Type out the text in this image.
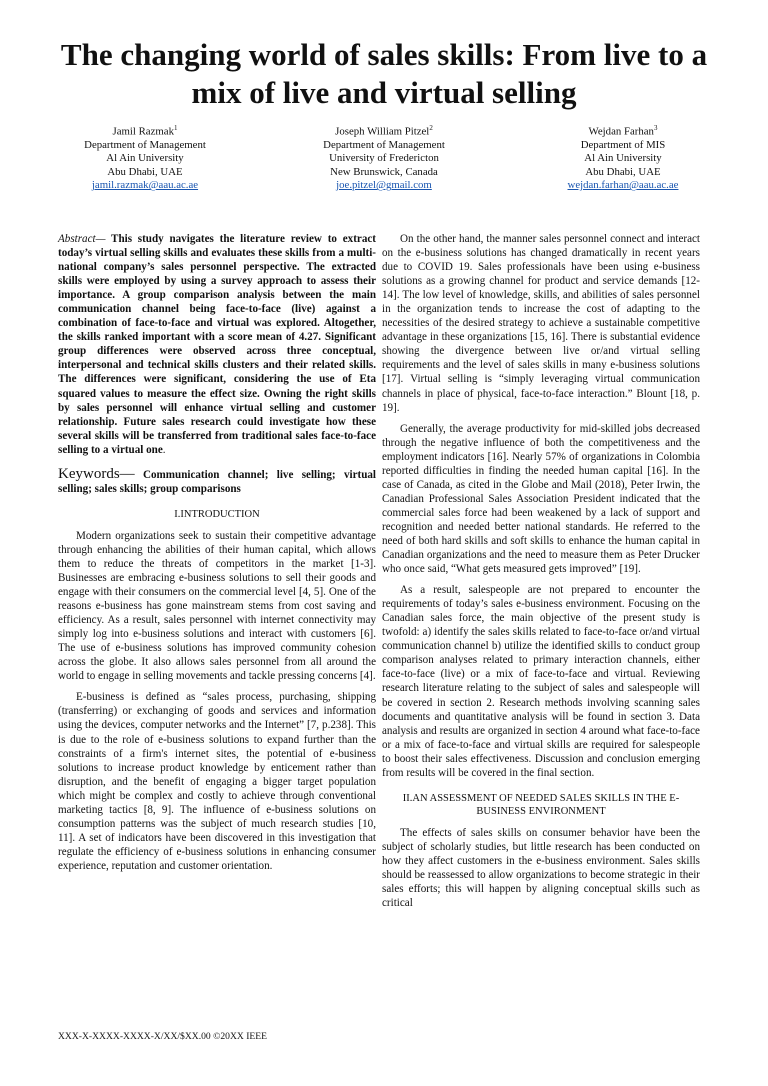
The changing world of sales skills: From live to a mix of live and virtual selling
Jamil Razmak$^1$
Department of Management
Al Ain University
Abu Dhabi, UAE
jamil.razmak@aau.ac.ae
Joseph William Pitzel$^2$
Department of Management
University of Fredericton
New Brunswick, Canada
joe.pitzel@gmail.com
Wejdan Farhan$^3$
Department of MIS
Al Ain University
Abu Dhabi, UAE
wejdan.farhan@aau.ac.ae

Abstract— This study navigates the literature review to extract today’s virtual selling skills and evaluates these skills from a multi-national company’s sales personnel perspective. The extracted skills were employed by using a survey approach to assess their importance. A group comparison analysis between the main communication channel being face-to-face (live) against a combination of face-to-face and virtual was explored. Altogether, the skills ranked important with a score mean of 4.27. Significant group differences were observed across three conceptual, interpersonal and technical skills clusters and their related skills. The differences were significant, considering the use of Eta squared values to measure the effect size. Owning the right skills by sales personnel will enhance virtual selling and customer relationship. Future sales research could investigate how these several skills will be transferred from traditional sales face-to-face selling to a virtual one.

Keywords— Communication channel; live selling; virtual selling; sales skills; group comparisons
I.INTRODUCTION

Modern organizations seek to sustain their competitive advantage through enhancing the abilities of their human capital, which allows them to reduce the threats of competitors in the market [1-3]. Businesses are embracing e-business solutions to sell their goods and engage with their consumers on the commercial level [4, 5]. One of the reasons e-business has gone mainstream stems from cost saving and efficiency. As a result, sales personnel with internet connectivity may simply log into e-business solutions and interact with customers [6]. The use of e-business solutions has improved community cohesion across the globe. It also allows sales personnel from all around the world to engage in selling movements and tackle pressing concerns [4].

E-business is defined as “sales process, purchasing, shipping (transferring) or exchanging of goods and services and information using the devices, computer networks and the Internet” [7, p.238]. This is due to the role of e-business solutions to expand further than the constraints of a firm's internet sites, the potential of e-business solutions to increase product knowledge by enticement rather than disruption, and the benefit of engaging a bigger target population which might be complex and costly to achieve through conventional marketing tactics [8, 9]. The influence of e-business solutions on consumption patterns was the subject of much research studies [10, 11]. A set of indicators have been discovered in this investigation that regulate the efficiency of e-business solutions in enhancing consumer experience, reputation and customer orientation.

On the other hand, the manner sales personnel connect and interact on the e-business solutions has changed dramatically in recent years due to COVID 19. Sales professionals have been using e-business solutions as a growing channel for product and service demands [12-14]. The low level of knowledge, skills, and abilities of sales personnel in the organization tends to increase the cost of adapting to the necessities of the desired strategy to achieve a sustainable competitive advantage in these organizations [15, 16]. There is substantial evidence showing the divergence between live or/and virtual selling requirements and the level of sales skills in many e-business solutions [17]. Virtual selling is “simply leveraging virtual communication channels in place of physical, face-to-face interaction.” Blount [18, p. 19].

Generally, the average productivity for mid-skilled jobs decreased through the negative influence of both the competitiveness and the employment indicators [16]. Nearly 57% of organizations in Colombia reported difficulties in finding the needed human capital [16]. In the case of Canada, as cited in the Globe and Mail (2018), Peter Irwin, the Canadian Professional Sales Association President indicated that the commercial sales force had been weakened by a lack of support and recognition and needed better national standards. He referred to the need of both hard skills and soft skills to enhance the human capital in Canadian organizations and the need to measure them as Peter Drucker who once said, “What gets measured gets improved” [19].

As a result, salespeople are not prepared to encounter the requirements of today’s sales e-business environment. Focusing on the Canadian sales force, the main objective of the present study is twofold: a) identify the sales skills related to face-to-face or/and virtual communication channel b) utilize the identified skills to conduct group comparison analyses related to primary interaction channels, either face-to-face (live) or a mix of face-to-face and virtual. Reviewing research literature relating to the subject of sales and salespeople will be covered in section 2. Research methods involving scanning sales documents and quantitative analysis will be found in section 3. Data analysis and results are organized in section 4 around what face-to-face or a mix of face-to-face and virtual skills are required for salespeople to boost their sales effectiveness. Discussion and conclusion emerging from results will be covered in the final section.

II.AN ASSESSMENT OF NEEDED SALES SKILLS IN THE E-BUSINESS ENVIRONMENT

The effects of sales skills on consumer behavior have been the subject of scholarly studies, but little research has been conducted on how they affect customers in the e-business environment. Sales skills should be reassessed to allow organizations to become strategic in their sales efforts; this will happen by aligning conceptual skills such as critical

XXX-X-XXXX-XXXX-X/XX/$XX.00 ©20XX IEEE
